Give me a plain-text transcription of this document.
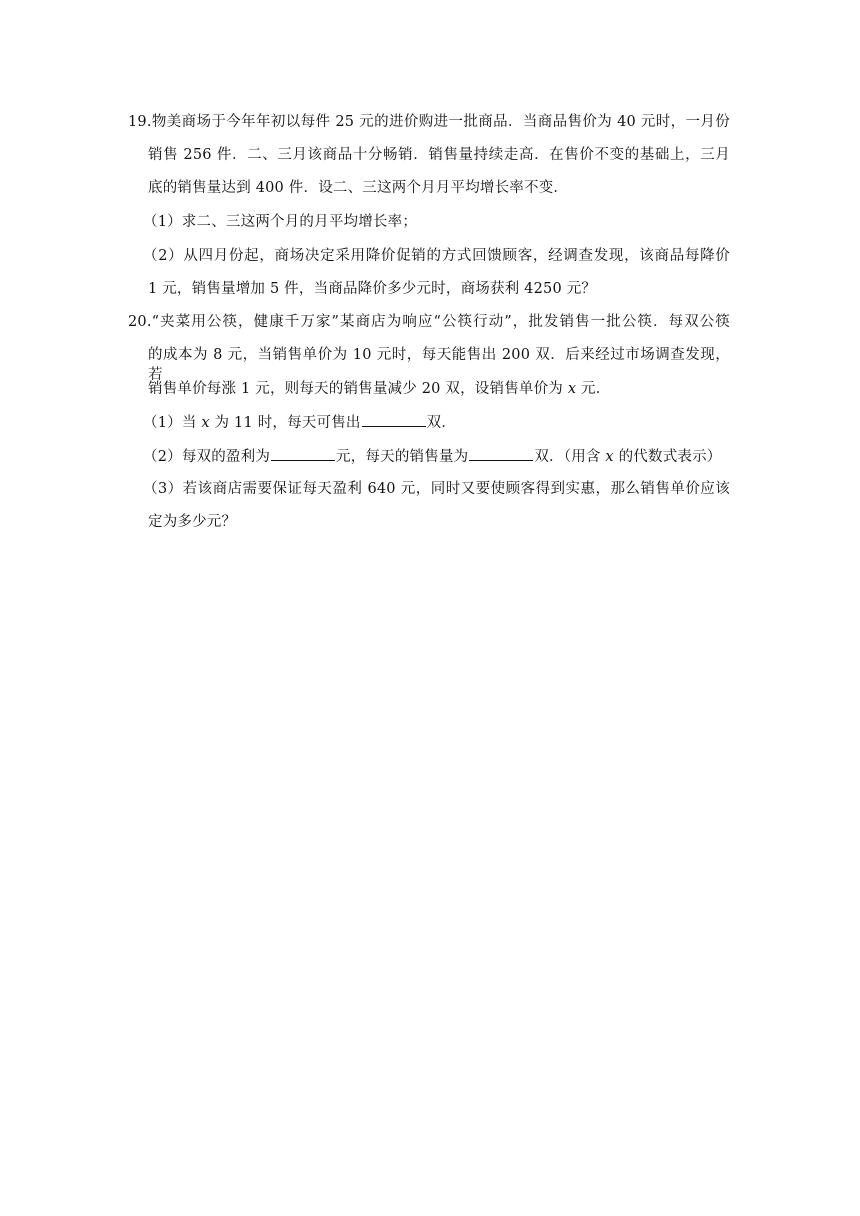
19.物美商场于今年年初以每件 25 元的进价购进一批商品．当商品售价为 40 元时，一月份
销售 256 件．二、三月该商品十分畅销．销售量持续走高．在售价不变的基础上，三月
底的销售量达到 400 件．设二、三这两个月月平均增长率不变．
（1）求二、三这两个月的月平均增长率；
（2）从四月份起，商场决定采用降价促销的方式回馈顾客，经调查发现，该商品每降价
1 元，销售量增加 5 件，当商品降价多少元时，商场获利 4250 元？
20.“夹菜用公筷，健康千万家”某商店为响应“公筷行动”，批发销售一批公筷．每双公筷
的成本为 8 元，当销售单价为 10 元时，每天能售出 200 双．后来经过市场调查发现，若
销售单价每涨 1 元，则每天的销售量减少 20 双，设销售单价为 x 元．
（1）当 x 为 11 时，每天可售出	双．
（2）每双的盈利为	元，每天的销售量为	双．（用含 x 的代数式表示）
（3）若该商店需要保证每天盈利 640 元，同时又要使顾客得到实惠，那么销售单价应该
定为多少元？
